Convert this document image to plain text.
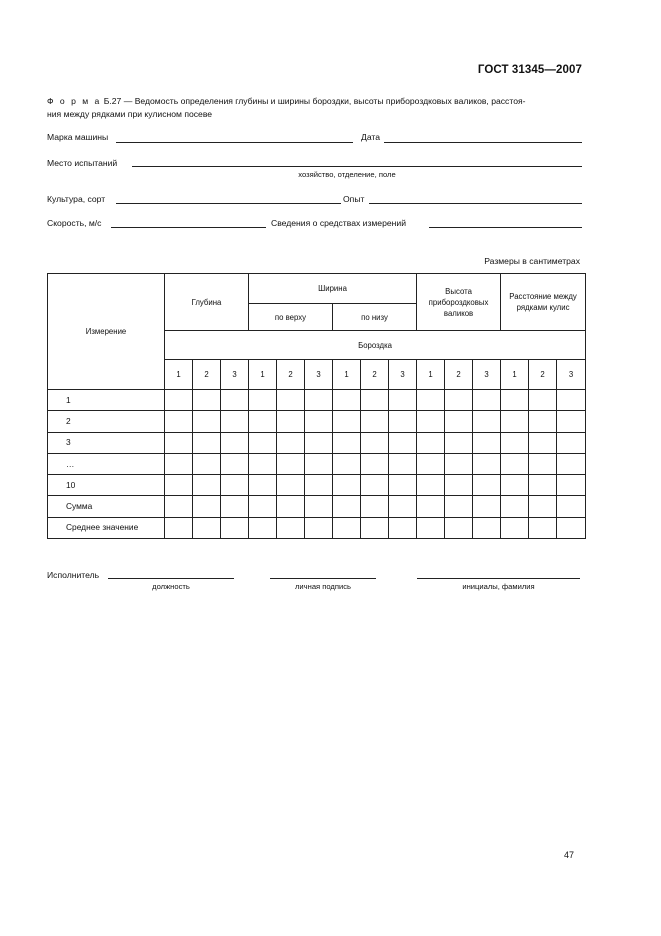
ГОСТ 31345—2007
Ф о р м а Б.27 — Ведомость определения глубины и ширины бороздки, высоты прибороздковых валиков, расстоя-
ния между рядками при кулисном посеве
Марка машины	Дата
Место испытаний
хозяйство, отделение, поле
Культура, сорт	Опыт
Скорость, м/с	Сведения о средствах измерений
Размеры в сантиметрах
Измерение	Глубина			Ширина						Высота прибороздковых валиков			Расстояние между рядками кулис		
				по верху			по низу								
	Бороздка														
	1	2	3	1	2	3	1	2	3	1	2	3	1	2	3
1															
2															
3															
…															
10															
Сумма															
Среднее значение															
Исполнитель
должность	личная подпись	инициалы, фамилия
47
